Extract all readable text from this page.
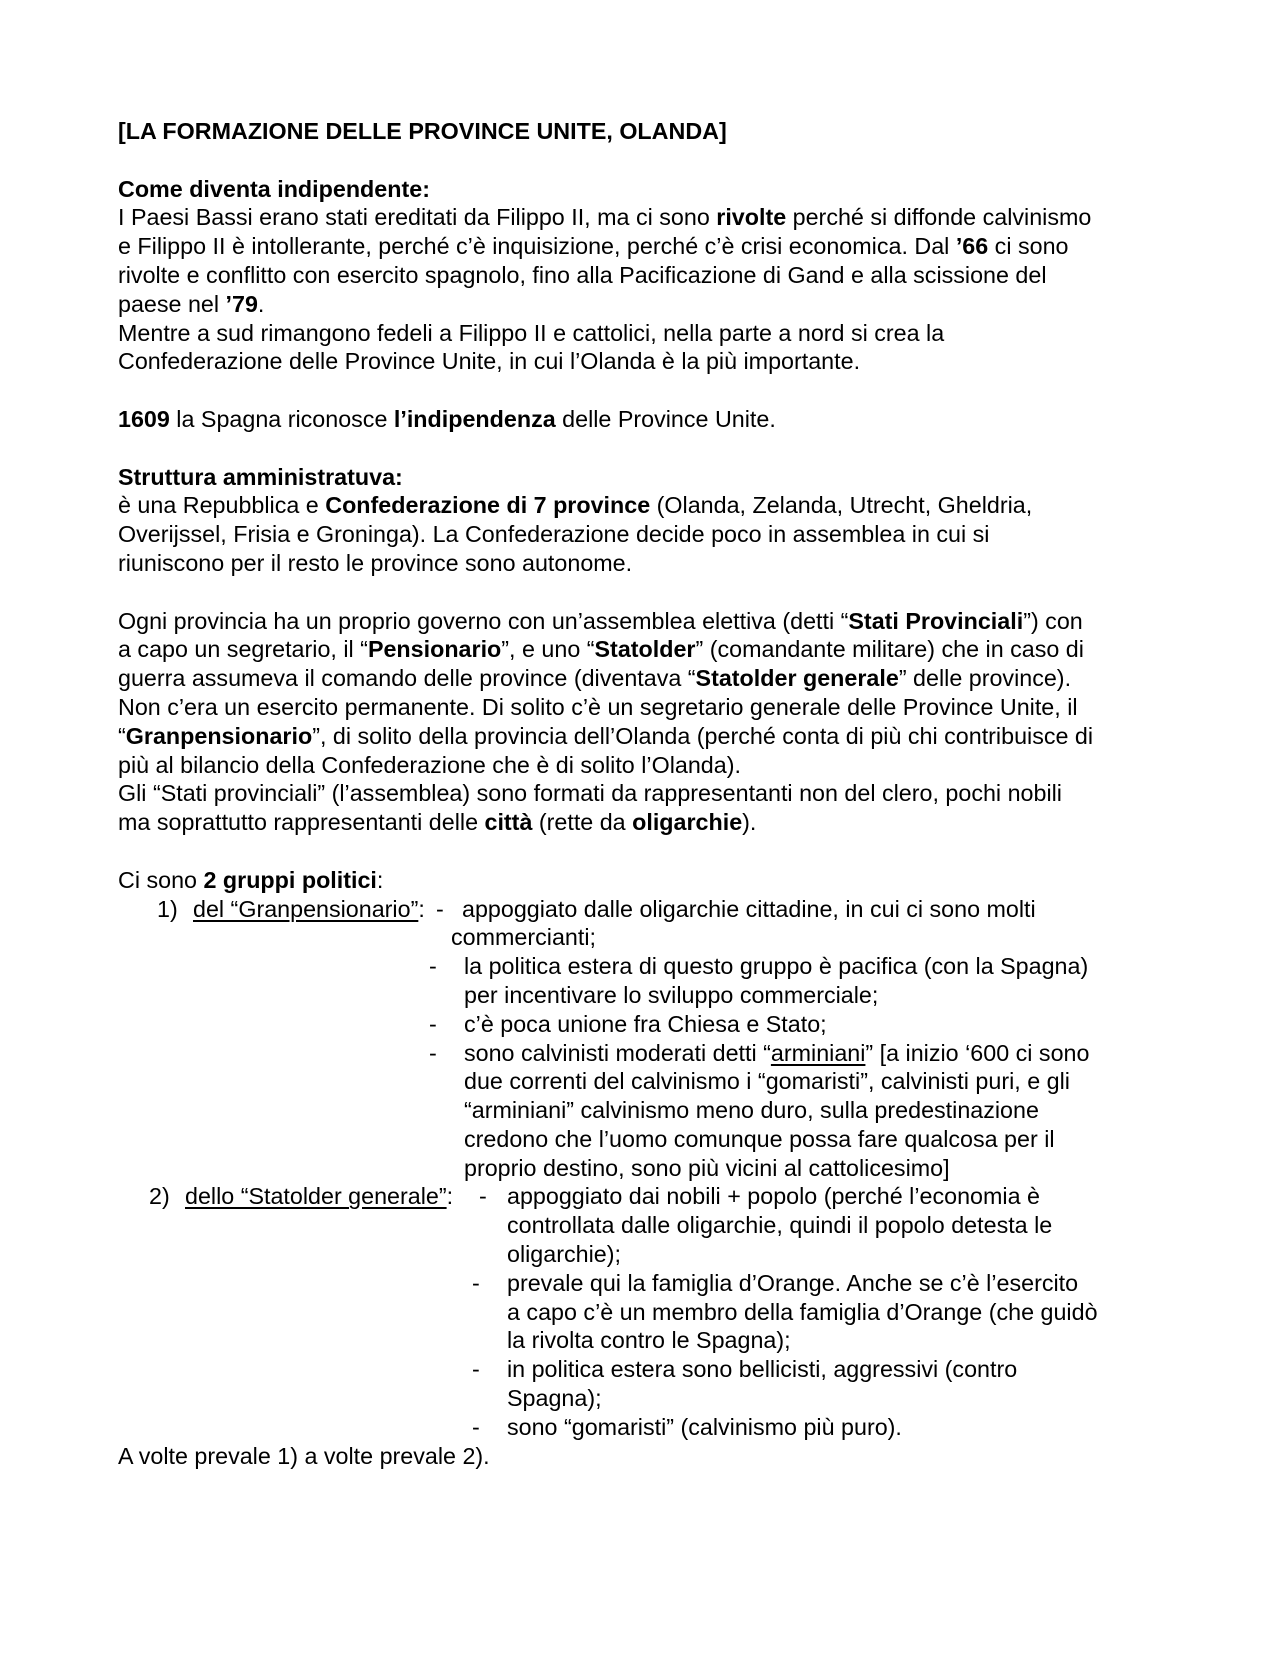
[LA FORMAZIONE DELLE PROVINCE UNITE, OLANDA]
Come diventa indipendente:
I Paesi Bassi erano stati ereditati da Filippo II, ma ci sono rivolte perché si diffonde calvinismo
e Filippo II è intollerante, perché c’è inquisizione, perché c’è crisi economica. Dal ’66 ci sono
rivolte e conflitto con esercito spagnolo, fino alla Pacificazione di Gand e alla scissione del
paese nel ’79.
Mentre a sud rimangono fedeli a Filippo II e cattolici, nella parte a nord si crea la
Confederazione delle Province Unite, in cui l’Olanda è la più importante.
1609 la Spagna riconosce l’indipendenza delle Province Unite.
Struttura amministratuva:
è una Repubblica e Confederazione di 7 province (Olanda, Zelanda, Utrecht, Gheldria,
Overijssel, Frisia e Groninga). La Confederazione decide poco in assemblea in cui si
riuniscono per il resto le province sono autonome.
Ogni provincia ha un proprio governo con un’assemblea elettiva (detti “Stati Provinciali”) con
a capo un segretario, il “Pensionario”, e uno “Statolder” (comandante militare) che in caso di
guerra assumeva il comando delle province (diventava “Statolder generale” delle province).
Non c’era un esercito permanente. Di solito c’è un segretario generale delle Province Unite, il
“Granpensionario”, di solito della provincia dell’Olanda (perché conta di più chi contribuisce di
più al bilancio della Confederazione che è di solito l’Olanda).
Gli “Stati provinciali” (l’assemblea) sono formati da rappresentanti non del clero, pochi nobili
ma soprattutto rappresentanti delle città (rette da oligarchie).
Ci sono 2 gruppi politici:
1) del “Granpensionario”: - appoggiato dalle oligarchie cittadine, in cui ci sono molti
commercianti;
- la politica estera di questo gruppo è pacifica (con la Spagna)
per incentivare lo sviluppo commerciale;
- c’è poca unione fra Chiesa e Stato;
- sono calvinisti moderati detti “arminiani” [a inizio ‘600 ci sono
due correnti del calvinismo i “gomaristi”, calvinisti puri, e gli
“arminiani” calvinismo meno duro, sulla predestinazione
credono che l’uomo comunque possa fare qualcosa per il
proprio destino, sono più vicini al cattolicesimo]
2) dello “Statolder generale”: - appoggiato dai nobili + popolo (perché l’economia è
controllata dalle oligarchie, quindi il popolo detesta le
oligarchie);
- prevale qui la famiglia d’Orange. Anche se c’è l’esercito
a capo c’è un membro della famiglia d’Orange (che guidò
la rivolta contro le Spagna);
- in politica estera sono bellicisti, aggressivi (contro
Spagna);
- sono “gomaristi” (calvinismo più puro).
A volte prevale 1) a volte prevale 2).
